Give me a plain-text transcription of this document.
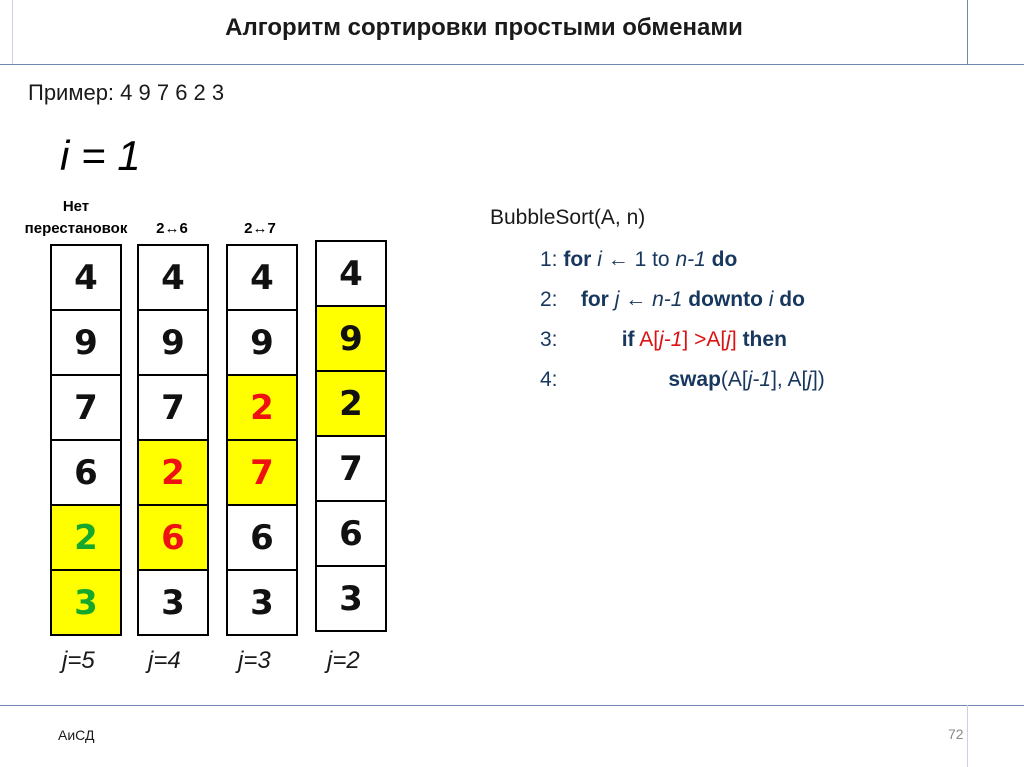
Алгоритм сортировки простыми обменами
Пример: 4 9 7 6 2 3
i = 1
Нет
перестановок
4
9
7
6
2
3
j=5
2↔6
4
9
7
2
6
3
j=4
2↔7
4
9
2
7
6
3
j=3
4
9
2
7
6
3
j=2
BubbleSort(A, n)
1: for i ← 1 to n-1 do
2: for j ← n-1 downto i do
3:	if A[j-1] >A[j] then
4:	swap(A[j-1], A[j])
АиСД	72
